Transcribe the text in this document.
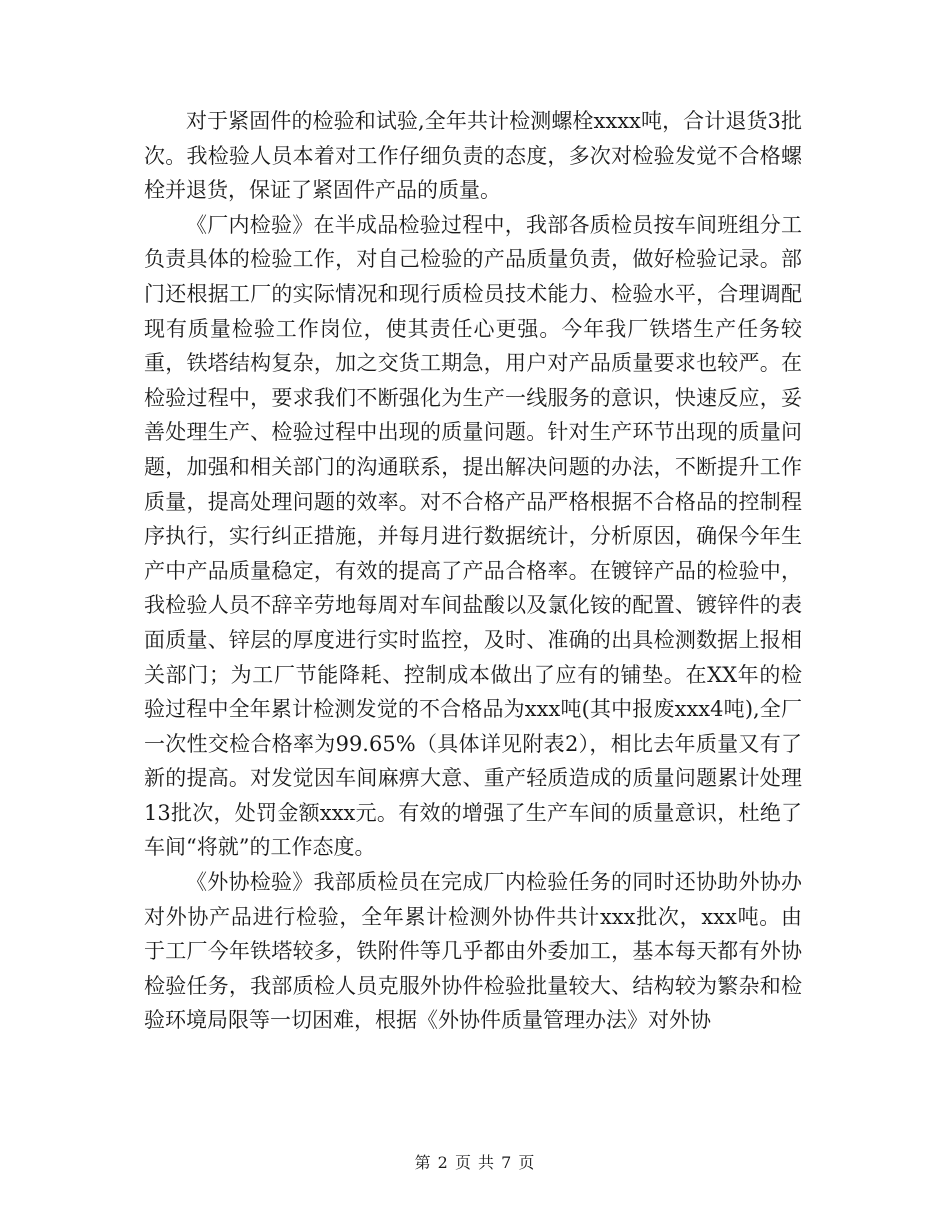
对于紧固件的检验和试验,全年共计检测螺栓xxxx吨，合计退货3批次。我检验人员本着对工作仔细负责的态度，多次对检验发觉不合格螺栓并退货，保证了紧固件产品的质量。

《厂内检验》在半成品检验过程中，我部各质检员按车间班组分工负责具体的检验工作，对自己检验的产品质量负责，做好检验记录。部门还根据工厂的实际情况和现行质检员技术能力、检验水平，合理调配现有质量检验工作岗位，使其责任心更强。今年我厂铁塔生产任务较重，铁塔结构复杂，加之交货工期急，用户对产品质量要求也较严。在检验过程中，要求我们不断强化为生产一线服务的意识，快速反应，妥善处理生产、检验过程中出现的质量问题。针对生产环节出现的质量问题，加强和相关部门的沟通联系，提出解决问题的办法，不断提升工作质量，提高处理问题的效率。对不合格产品严格根据不合格品的控制程序执行，实行纠正措施，并每月进行数据统计，分析原因，确保今年生产中产品质量稳定，有效的提高了产品合格率。在镀锌产品的检验中，我检验人员不辞辛劳地每周对车间盐酸以及氯化铵的配置、镀锌件的表面质量、锌层的厚度进行实时监控，及时、准确的出具检测数据上报相关部门；为工厂节能降耗、控制成本做出了应有的铺垫。在XX年的检验过程中全年累计检测发觉的不合格品为xxx吨(其中报废xxx4吨),全厂一次性交检合格率为99.65%（具体详见附表2），相比去年质量又有了新的提高。对发觉因车间麻痹大意、重产轻质造成的质量问题累计处理13批次，处罚金额xxx元。有效的增强了生产车间的质量意识，杜绝了车间“将就”的工作态度。

《外协检验》我部质检员在完成厂内检验任务的同时还协助外协办对外协产品进行检验，全年累计检测外协件共计xxx批次，xxx吨。由于工厂今年铁塔较多，铁附件等几乎都由外委加工，基本每天都有外协检验任务，我部质检人员克服外协件检验批量较大、结构较为繁杂和检验环境局限等一切困难，根据《外协件质量管理办法》对外协

第 2 页 共 7 页
